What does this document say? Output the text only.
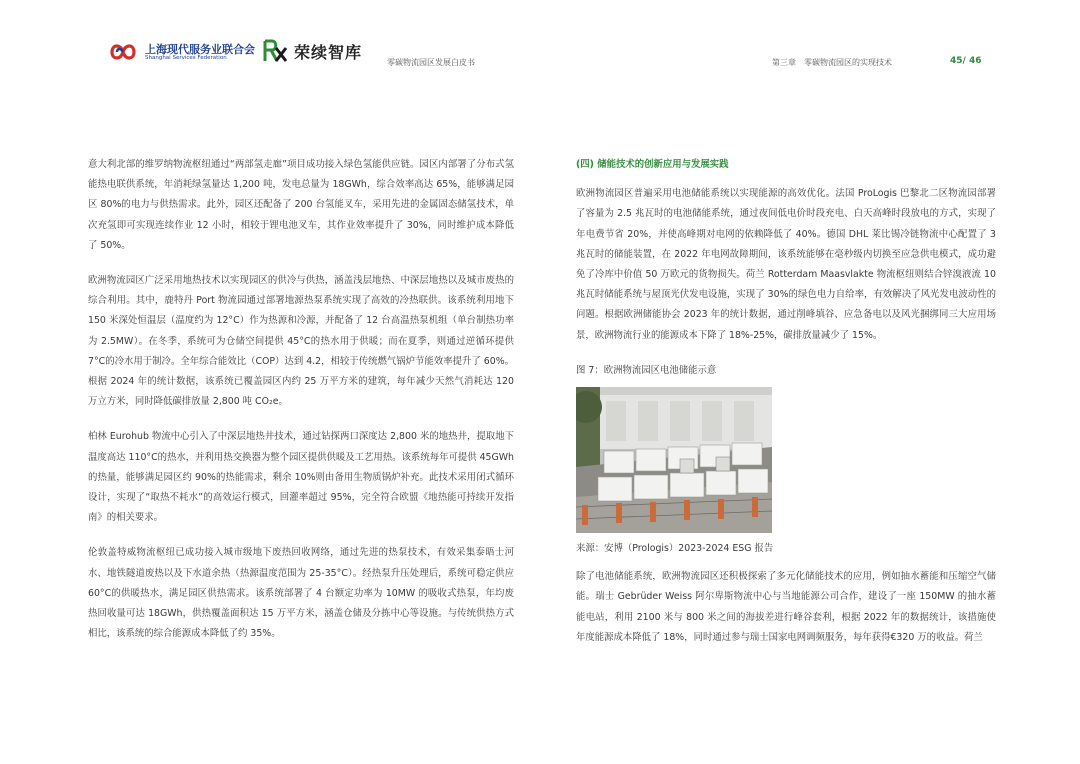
上海现代服务业联合会
Shanghai Services Federation	荣续智库
零碳物流园区发展白皮书	第三章　零碳物流园区的实现技术	45/ 46

意大利北部的维罗纳物流枢纽通过“两部氢走廊”项目成功接入绿色氢能供应链。园区内部署了分布式氢能热电联供系统，年消耗绿氢量达 1,200 吨，发电总量为 18GWh，综合效率高达 65%，能够满足园区 80%的电力与供热需求。此外，园区还配备了 200 台氢能叉车，采用先进的金属固态储氢技术，单次充氢即可实现连续作业 12 小时，相较于锂电池叉车，其作业效率提升了 30%，同时维护成本降低了 50%。

欧洲物流园区广泛采用地热技术以实现园区的供冷与供热，涵盖浅层地热、中深层地热以及城市废热的综合利用。其中，鹿特丹 Port 物流园通过部署地源热泵系统实现了高效的冷热联供。该系统利用地下 150 米深处恒温层（温度约为 12°C）作为热源和冷源，并配备了 12 台高温热泵机组（单台制热功率为 2.5MW）。在冬季，系统可为仓储空间提供 45°C的热水用于供暖；而在夏季，则通过逆循环提供 7°C的冷水用于制冷。全年综合能效比（COP）达到 4.2，相较于传统燃气锅炉节能效率提升了 60%。根据 2024 年的统计数据，该系统已覆盖园区内约 25 万平方米的建筑，每年减少天然气消耗达 120 万立方米，同时降低碳排放量 2,800 吨 CO₂e。

柏林 Eurohub 物流中心引入了中深层地热井技术，通过钻探两口深度达 2,800 米的地热井，提取地下温度高达 110°C的热水，并利用热交换器为整个园区提供供暖及工艺用热。该系统每年可提供 45GWh 的热量，能够满足园区约 90%的热能需求，剩余 10%则由备用生物质锅炉补充。此技术采用闭式循环设计，实现了“取热不耗水”的高效运行模式，回灌率超过 95%，完全符合欧盟《地热能可持续开发指南》的相关要求。

伦敦盖特威物流枢纽已成功接入城市级地下废热回收网络，通过先进的热泵技术，有效采集泰晤士河水、地铁隧道废热以及下水道余热（热源温度范围为 25-35°C）。经热泵升压处理后，系统可稳定供应 60°C的供暖热水，满足园区供热需求。该系统部署了 4 台额定功率为 10MW 的吸收式热泵，年均废热回收量可达 18GWh，供热覆盖面积达 15 万平方米，涵盖仓储及分拣中心等设施。与传统供热方式相比，该系统的综合能源成本降低了约 35%。

(四) 储能技术的创新应用与发展实践

欧洲物流园区普遍采用电池储能系统以实现能源的高效优化。法国 ProLogis 巴黎北二区物流园部署了容量为 2.5 兆瓦时的电池储能系统，通过夜间低电价时段充电、白天高峰时段放电的方式，实现了年电费节省 20%，并使高峰期对电网的依赖降低了 40%。德国 DHL 莱比锡冷链物流中心配置了 3 兆瓦时的储能装置，在 2022 年电网故障期间，该系统能够在毫秒级内切换至应急供电模式，成功避免了冷库中价值 50 万欧元的货物损失。荷兰 Rotterdam Maasvlakte 物流枢纽则结合锌溴液流 10 兆瓦时储能系统与屋顶光伏发电设施，实现了 30%的绿色电力自给率，有效解决了风光发电波动性的问题。根据欧洲储能协会 2023 年的统计数据，通过削峰填谷、应急备电以及风光捆绑同三大应用场景，欧洲物流行业的能源成本下降了 18%-25%，碳排放量减少了 15%。

图 7：欧洲物流园区电池储能示意
来源：安博（Prologis）2023-2024 ESG 报告

除了电池储能系统，欧洲物流园区还积极探索了多元化储能技术的应用，例如抽水蓄能和压缩空气储能。瑞士 Gebrüder Weiss 阿尔卑斯物流中心与当地能源公司合作，建设了一座 150MW 的抽水蓄能电站，利用 2100 米与 800 米之间的海拔差进行峰谷套利，根据 2022 年的数据统计，该措施使年度能源成本降低了 18%，同时通过参与瑞士国家电网调频服务，每年获得€320 万的收益。荷兰
